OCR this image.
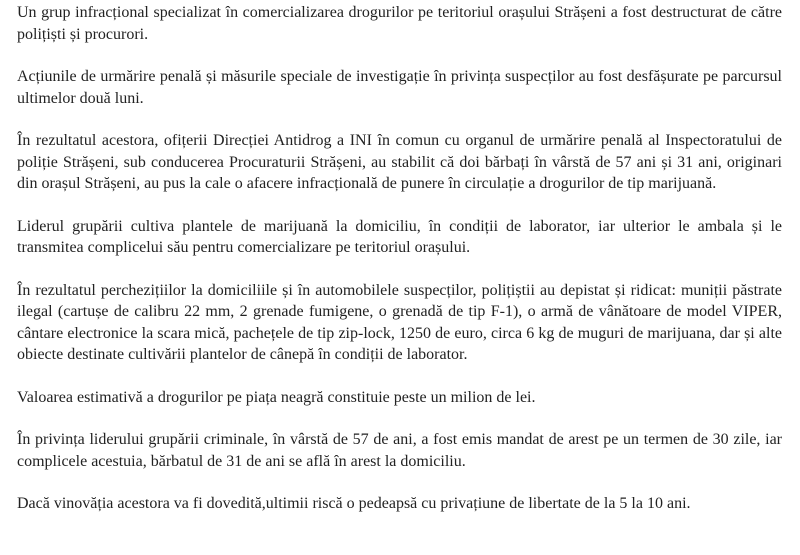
Un grup infracțional specializat în comercializarea drogurilor pe teritoriul orașului Strășeni a fost destructurat de către polițiști și procurori.

Acțiunile de urmărire penală și măsurile speciale de investigație în privința suspecților au fost desfășurate pe parcursul ultimelor două luni.

În rezultatul acestora, ofițerii Direcției Antidrog a INI în comun cu organul de urmărire penală al Inspectoratului de poliție Strășeni, sub conducerea Procuraturii Strășeni, au stabilit că doi bărbați în vârstă de 57 ani și 31 ani, originari din orașul Strășeni, au pus la cale o afacere infracțională de punere în circulație a drogurilor de tip marijuană.

Liderul grupării cultiva plantele de marijuană la domiciliu, în condiții de laborator, iar ulterior le ambala și le transmitea complicelui său pentru comercializare pe teritoriul orașului.

În rezultatul perchezițiilor la domiciliile și în automobilele suspecților, polițiștii au depistat și ridicat: muniții păstrate ilegal (cartușe de calibru 22 mm, 2 grenade fumigene, o grenadă de tip F-1), o armă de vânătoare de model VIPER, cântare electronice la scara mică, pachețele de tip zip-lock, 1250 de euro, circa 6 kg de muguri de marijuana, dar și alte obiecte destinate cultivării plantelor de cânepă în condiții de laborator.

Valoarea estimativă a drogurilor pe piața neagră constituie peste un milion de lei.

În privința liderului grupării criminale, în vârstă de 57 de ani, a fost emis mandat de arest pe un termen de 30 zile, iar complicele acestuia, bărbatul de 31 de ani se află în arest la domiciliu.

Dacă vinovăția acestora va fi dovedită,ultimii riscă o pedeapsă cu privațiune de libertate de la 5 la 10 ani.
